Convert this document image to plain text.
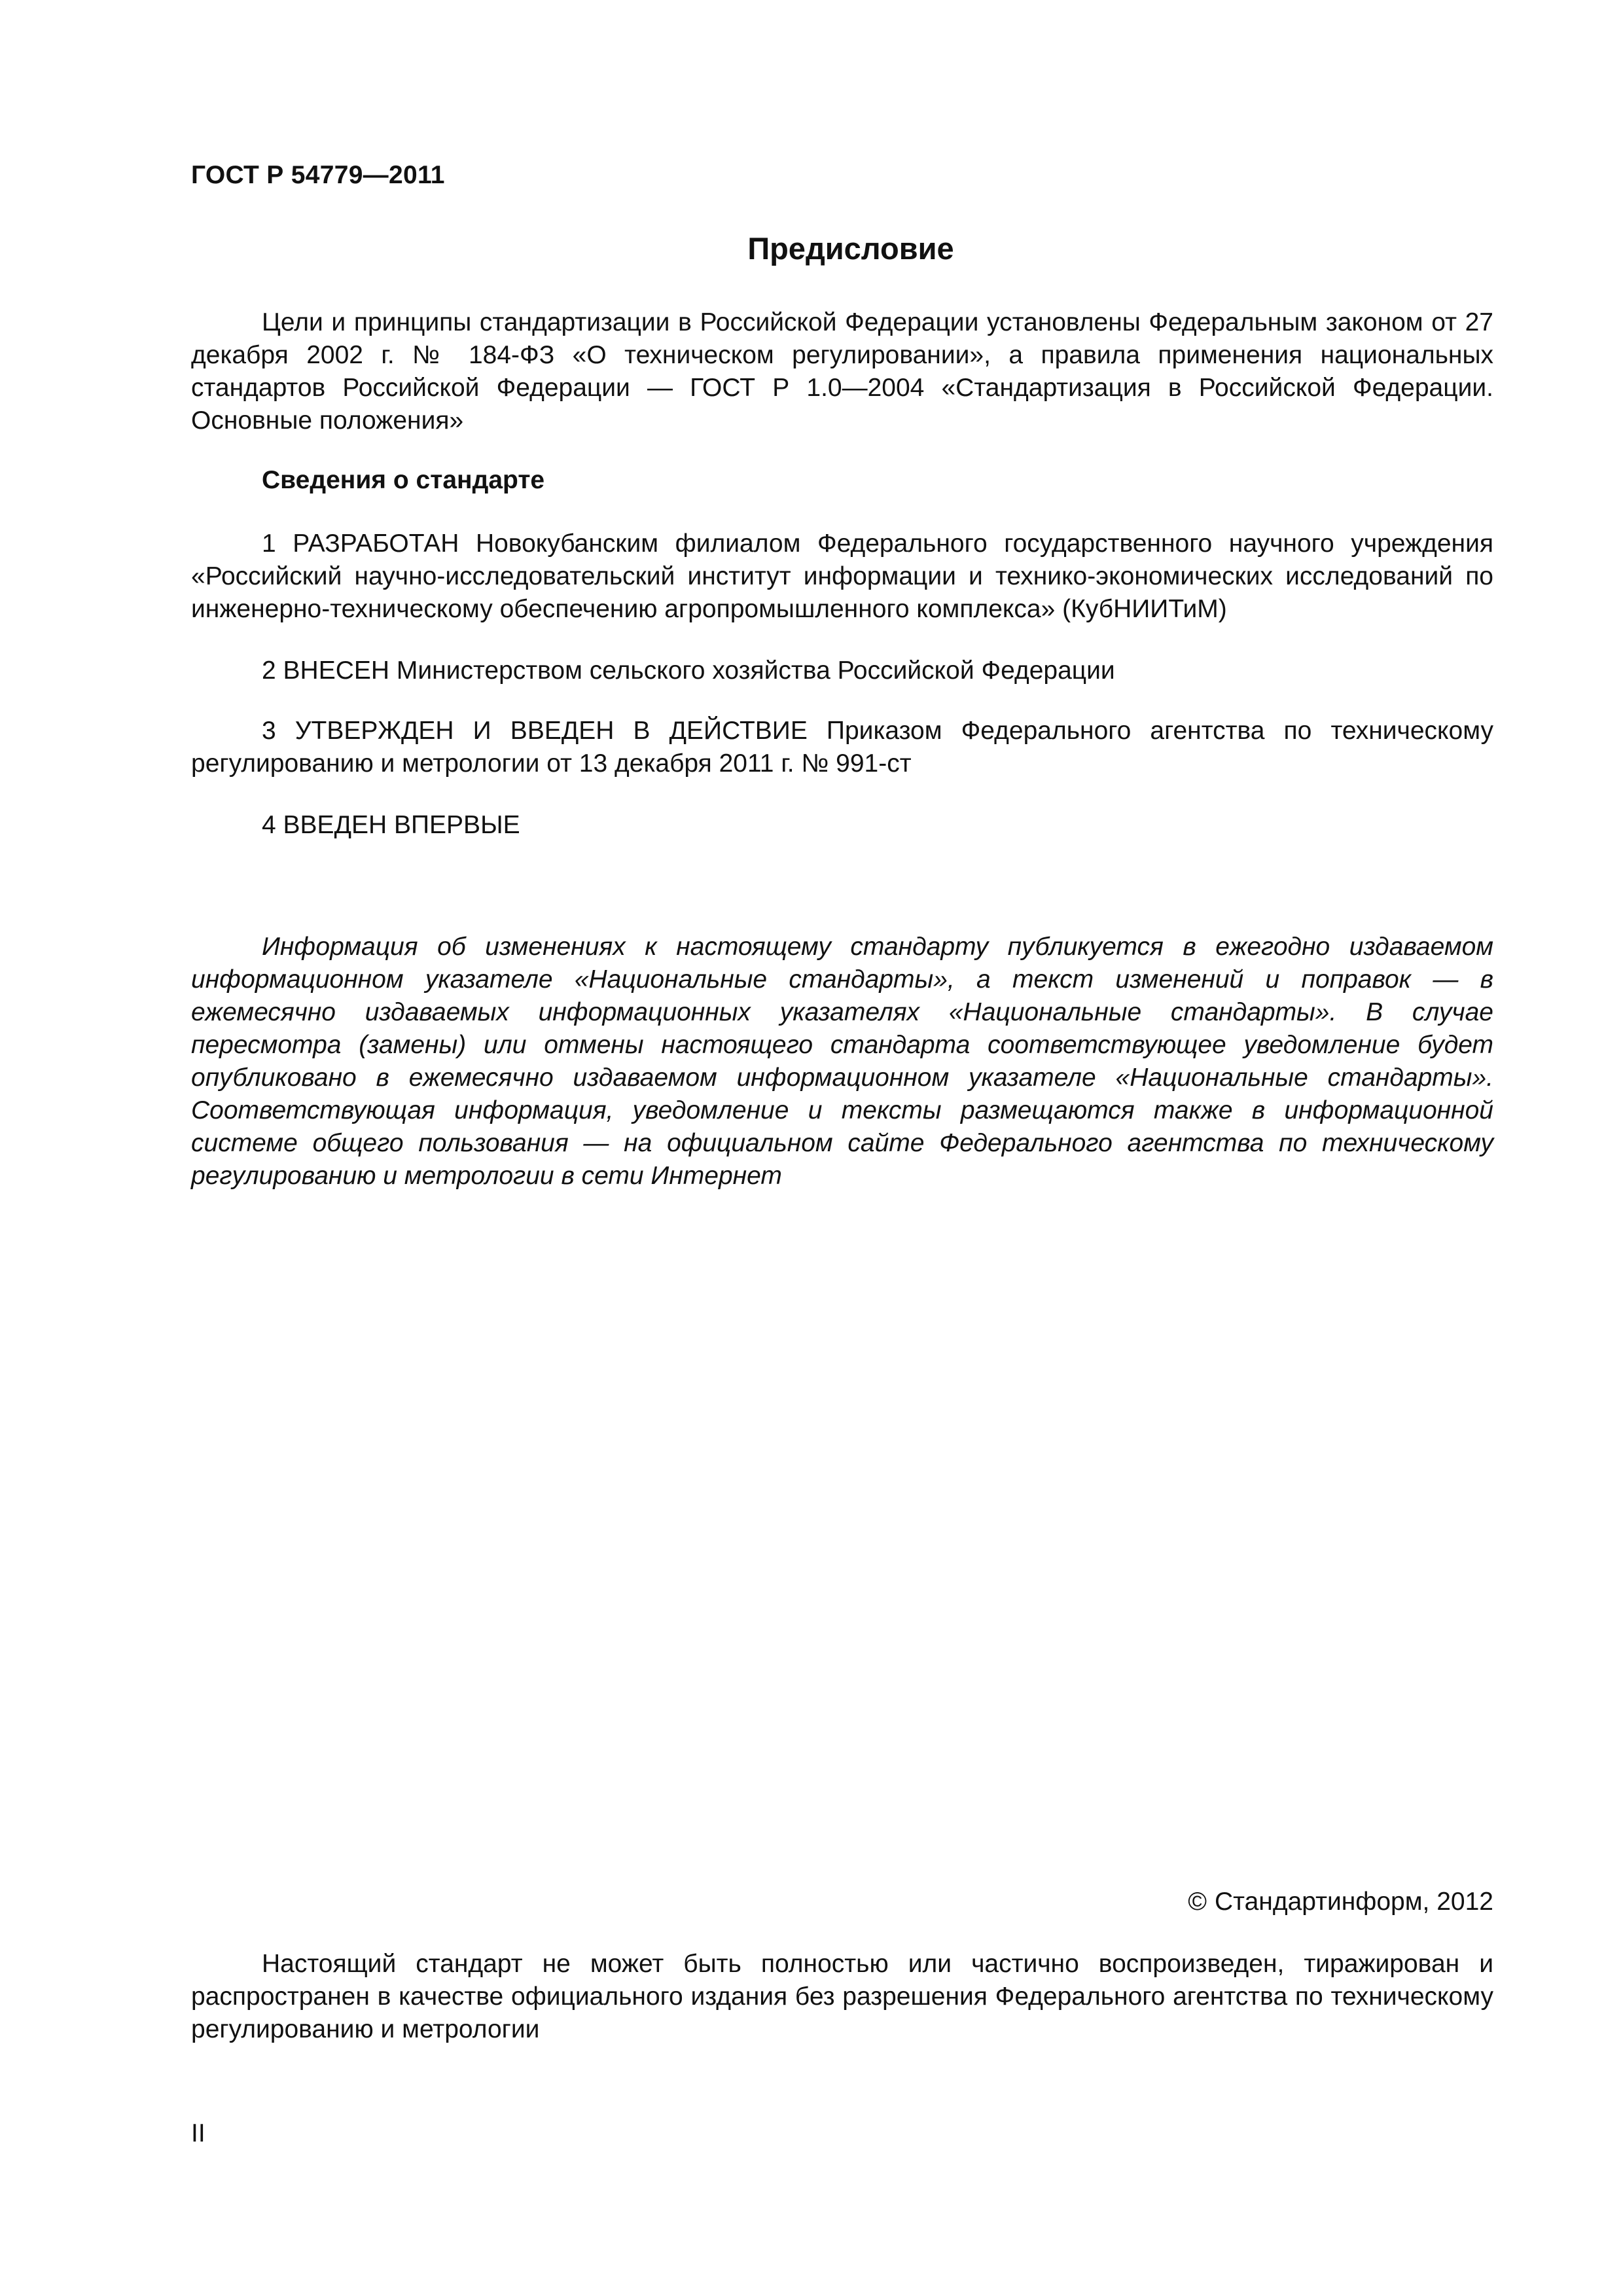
ГОСТ Р 54779—2011
Предисловие

Цели и принципы стандартизации в Российской Федерации установлены Федеральным законом от 27 декабря 2002 г. № 184-ФЗ «О техническом регулировании», а правила применения национальных стандартов Российской Федерации — ГОСТ Р 1.0—2004 «Стандартизация в Российской Федерации. Основные положения»

Сведения о стандарте

1 РАЗРАБОТАН Новокубанским филиалом Федерального государственного научного учреждения «Российский научно-исследовательский институт информации и технико-экономических исследований по инженерно-техническому обеспечению агропромышленного комплекса» (КубНИИТиМ)

2 ВНЕСЕН Министерством сельского хозяйства Российской Федерации

3 УТВЕРЖДЕН И ВВЕДЕН В ДЕЙСТВИЕ Приказом Федерального агентства по техническому регулированию и метрологии от 13 декабря 2011 г. № 991-ст

4 ВВЕДЕН ВПЕРВЫЕ

Информация об изменениях к настоящему стандарту публикуется в ежегодно издаваемом информационном указателе «Национальные стандарты», а текст изменений и поправок — в ежемесячно издаваемых информационных указателях «Национальные стандарты». В случае пересмотра (замены) или отмены настоящего стандарта соответствующее уведомление будет опубликовано в ежемесячно издаваемом информационном указателе «Национальные стандарты». Соответствующая информация, уведомление и тексты размещаются также в информационной системе общего пользования — на официальном сайте Федерального агентства по техническому регулированию и метрологии в сети Интернет

© Стандартинформ, 2012

Настоящий стандарт не может быть полностью или частично воспроизведен, тиражирован и распространен в качестве официального издания без разрешения Федерального агентства по техническому регулированию и метрологии

II
